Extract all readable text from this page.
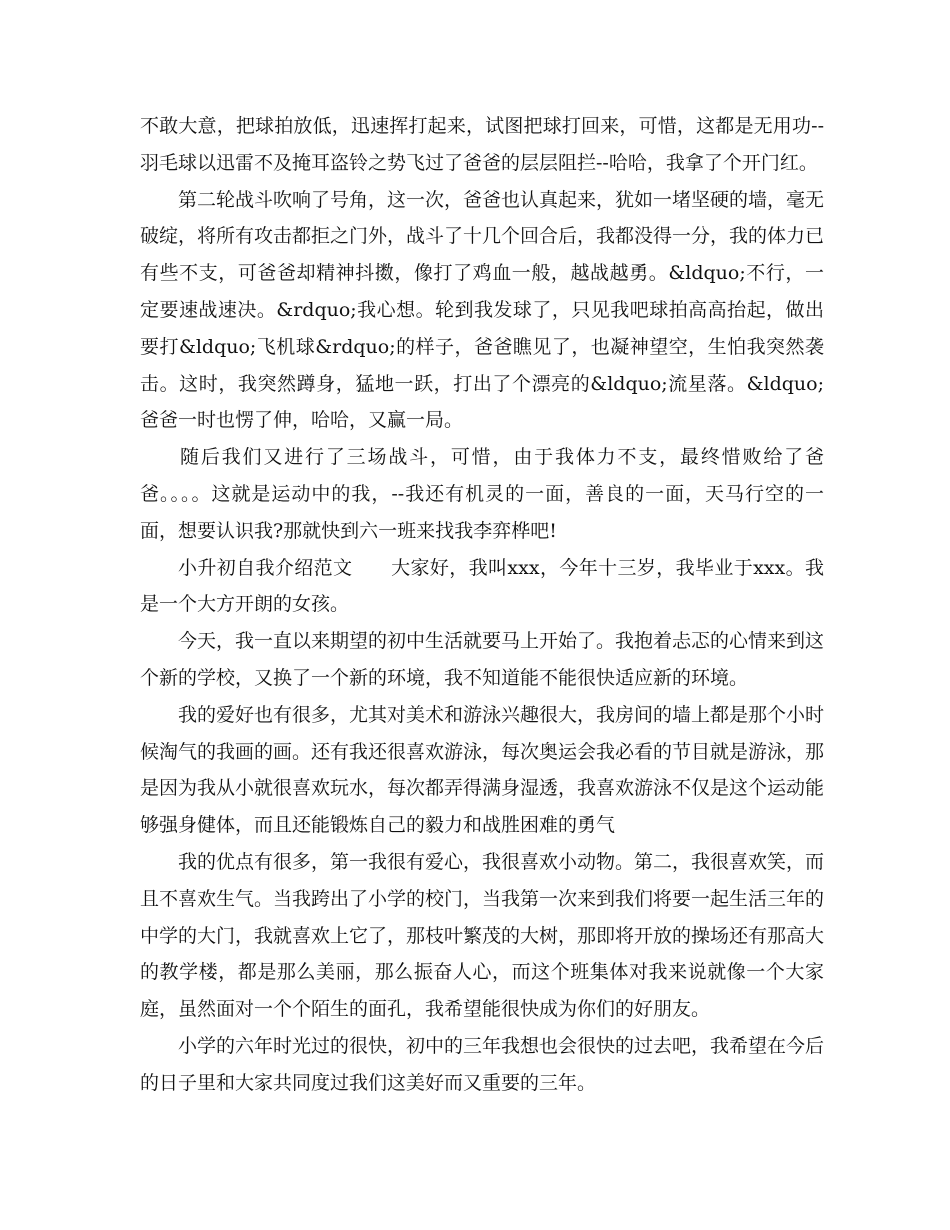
不敢大意，把球拍放低，迅速挥打起来，试图把球打回来，可惜，这都是无用功--羽毛球以迅雷不及掩耳盗铃之势飞过了爸爸的层层阻拦--哈哈，我拿了个开门红。

第二轮战斗吹响了号角，这一次，爸爸也认真起来，犹如一堵坚硬的墙，毫无破绽，将所有攻击都拒之门外，战斗了十几个回合后，我都没得一分，我的体力已有些不支，可爸爸却精神抖擞，像打了鸡血一般，越战越勇。&ldquo;不行，一定要速战速决。&rdquo;我心想。轮到我发球了，只见我吧球拍高高抬起，做出要打&ldquo;飞机球&rdquo;的样子，爸爸瞧见了，也凝神望空，生怕我突然袭击。这时，我突然蹲身，猛地一跃，打出了个漂亮的&ldquo;流星落。&ldquo;爸爸一时也愣了伸，哈哈，又赢一局。

随后我们又进行了三场战斗，可惜，由于我体力不支，最终惜败给了爸爸。。。。这就是运动中的我，--我还有机灵的一面，善良的一面，天马行空的一面，想要认识我?那就快到六一班来找我李弈桦吧!

小升初自我介绍范文　　大家好，我叫xxx，今年十三岁，我毕业于xxx。我是一个大方开朗的女孩。

今天，我一直以来期望的初中生活就要马上开始了。我抱着忐忑的心情来到这个新的学校，又换了一个新的环境，我不知道能不能很快适应新的环境。

我的爱好也有很多，尤其对美术和游泳兴趣很大，我房间的墙上都是那个小时候淘气的我画的画。还有我还很喜欢游泳，每次奥运会我必看的节目就是游泳，那是因为我从小就很喜欢玩水，每次都弄得满身湿透，我喜欢游泳不仅是这个运动能够强身健体，而且还能锻炼自己的毅力和战胜困难的勇气

我的优点有很多，第一我很有爱心，我很喜欢小动物。第二，我很喜欢笑，而且不喜欢生气。当我跨出了小学的校门，当我第一次来到我们将要一起生活三年的中学的大门，我就喜欢上它了，那枝叶繁茂的大树，那即将开放的操场还有那高大的教学楼，都是那么美丽，那么振奋人心，而这个班集体对我来说就像一个大家庭，虽然面对一个个陌生的面孔，我希望能很快成为你们的好朋友。

小学的六年时光过的很快，初中的三年我想也会很快的过去吧，我希望在今后的日子里和大家共同度过我们这美好而又重要的三年。
